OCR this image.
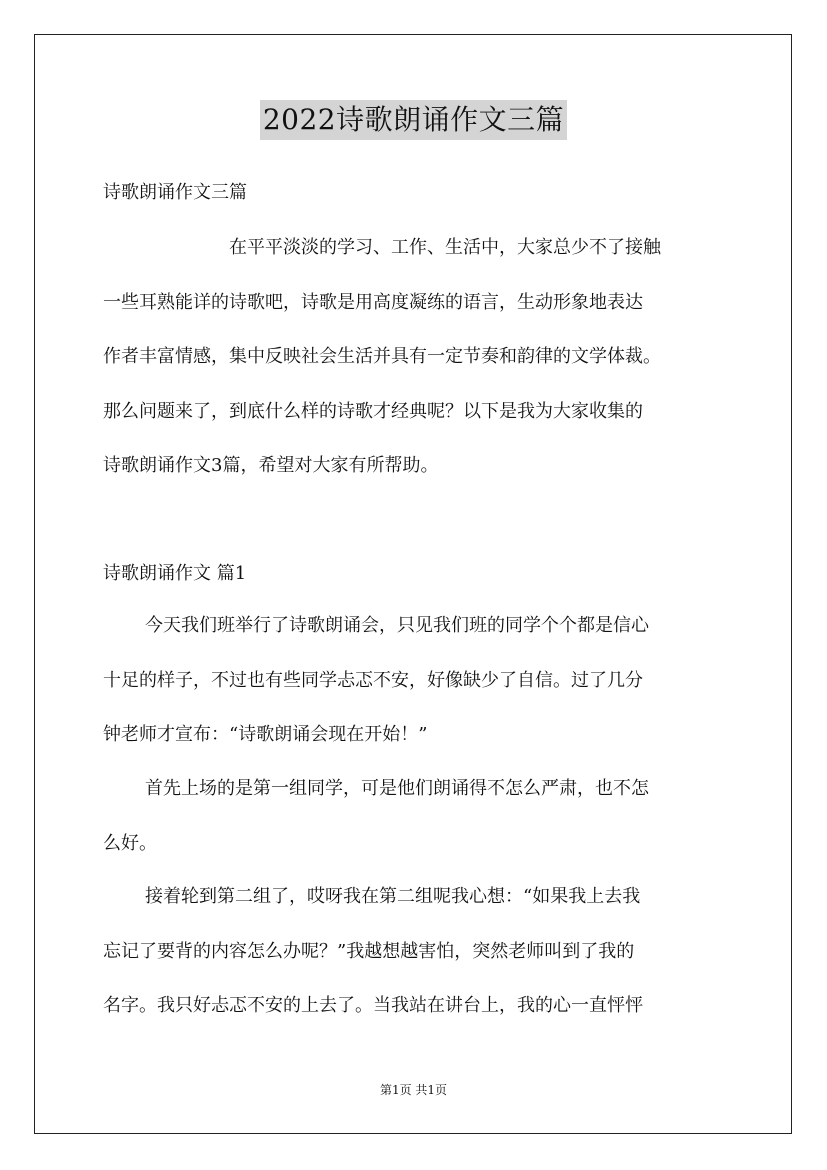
2022诗歌朗诵作文三篇
诗歌朗诵作文三篇

在平平淡淡的学习、工作、生活中，大家总少不了接触
一些耳熟能详的诗歌吧，诗歌是用高度凝练的语言，生动形象地表达
作者丰富情感，集中反映社会生活并具有一定节奏和韵律的文学体裁。
那么问题来了，到底什么样的诗歌才经典呢？以下是我为大家收集的
诗歌朗诵作文3篇，希望对大家有所帮助。

诗歌朗诵作文 篇1

今天我们班举行了诗歌朗诵会，只见我们班的同学个个都是信心
十足的样子，不过也有些同学忐忑不安，好像缺少了自信。过了几分
钟老师才宣布：“诗歌朗诵会现在开始！”

首先上场的是第一组同学，可是他们朗诵得不怎么严肃，也不怎
么好。

接着轮到第二组了，哎呀我在第二组呢我心想：“如果我上去我
忘记了要背的内容怎么办呢？”我越想越害怕，突然老师叫到了我的
名字。我只好忐忑不安的上去了。当我站在讲台上，我的心一直怦怦

第1页 共1页
